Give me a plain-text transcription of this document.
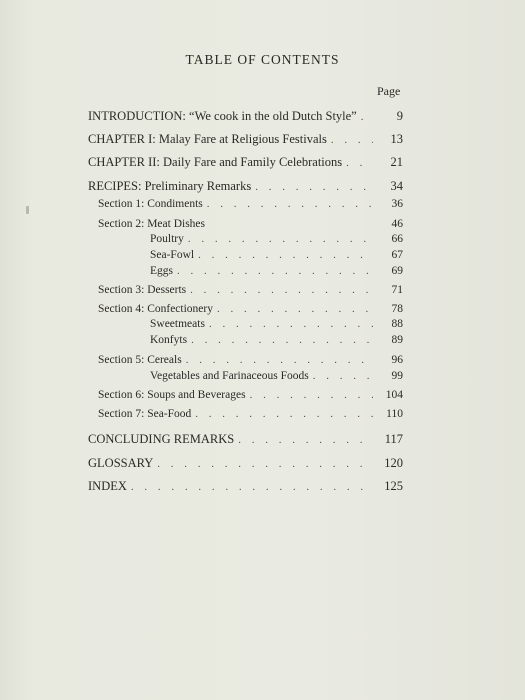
TABLE OF CONTENTS
Page
INTRODUCTION: “We cook in the old Dutch Style” . . .	9
CHAPTER I: Malay Fare at Religious Festivals . . .	13
CHAPTER II: Daily Fare and Family Celebrations . . .	21
RECIPES: Preliminary Remarks . . .	34
Section 1: Condiments . . .	36
Section 2: Meat Dishes	46
Poultry . . .	66
Sea-Fowl . . .	67
Eggs . . .	69
Section 3: Desserts . . .	71
Section 4: Confectionery . . .	78
Sweetmeats . . .	88
Konfyts . . .	89
Section 5: Cereals . . .	96
Vegetables and Farinaceous Foods . . .	99
Section 6: Soups and Beverages . . .	104
Section 7: Sea-Food . . .	110
CONCLUDING REMARKS . . .	117
GLOSSARY . . .	120
INDEX . . .	125
